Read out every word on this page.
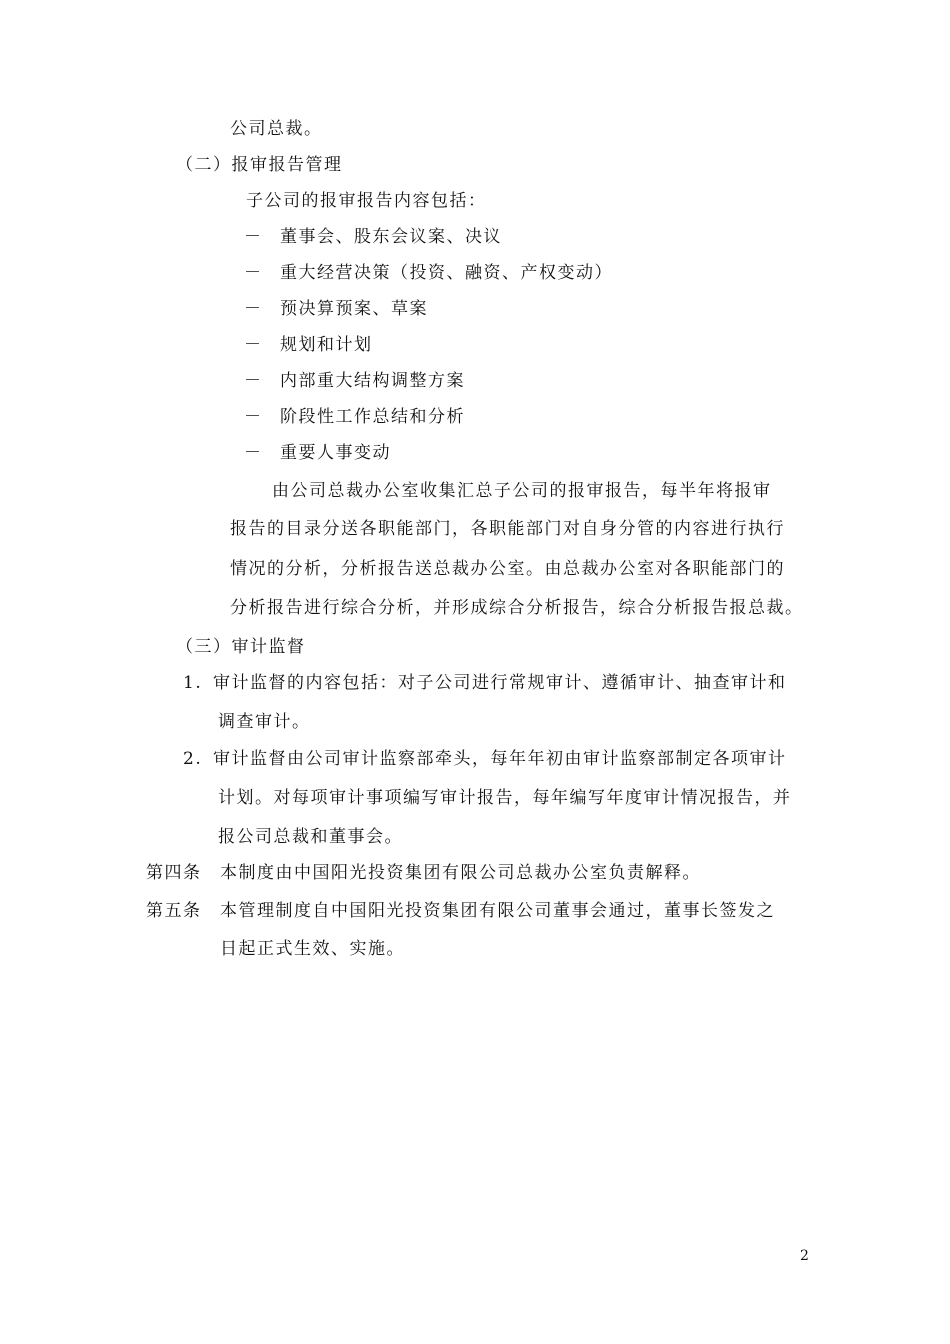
公司总裁。
（二）报审报告管理
子公司的报审报告内容包括：
－ 董事会、股东会议案、决议
－ 重大经营决策（投资、融资、产权变动）
－ 预决算预案、草案
－ 规划和计划
－ 内部重大结构调整方案
－ 阶段性工作总结和分析
－ 重要人事变动
由公司总裁办公室收集汇总子公司的报审报告，每半年将报审
报告的目录分送各职能部门，各职能部门对自身分管的内容进行执行
情况的分析，分析报告送总裁办公室。由总裁办公室对各职能部门的
分析报告进行综合分析，并形成综合分析报告，综合分析报告报总裁。
（三）审计监督
1. 审计监督的内容包括：对子公司进行常规审计、遵循审计、抽查审计和
调查审计。
2. 审计监督由公司审计监察部牵头，每年年初由审计监察部制定各项审计
计划。对每项审计事项编写审计报告，每年编写年度审计情况报告，并
报公司总裁和董事会。
第四条 本制度由中国阳光投资集团有限公司总裁办公室负责解释。
第五条 本管理制度自中国阳光投资集团有限公司董事会通过，董事长签发之
日起正式生效、实施。
2
